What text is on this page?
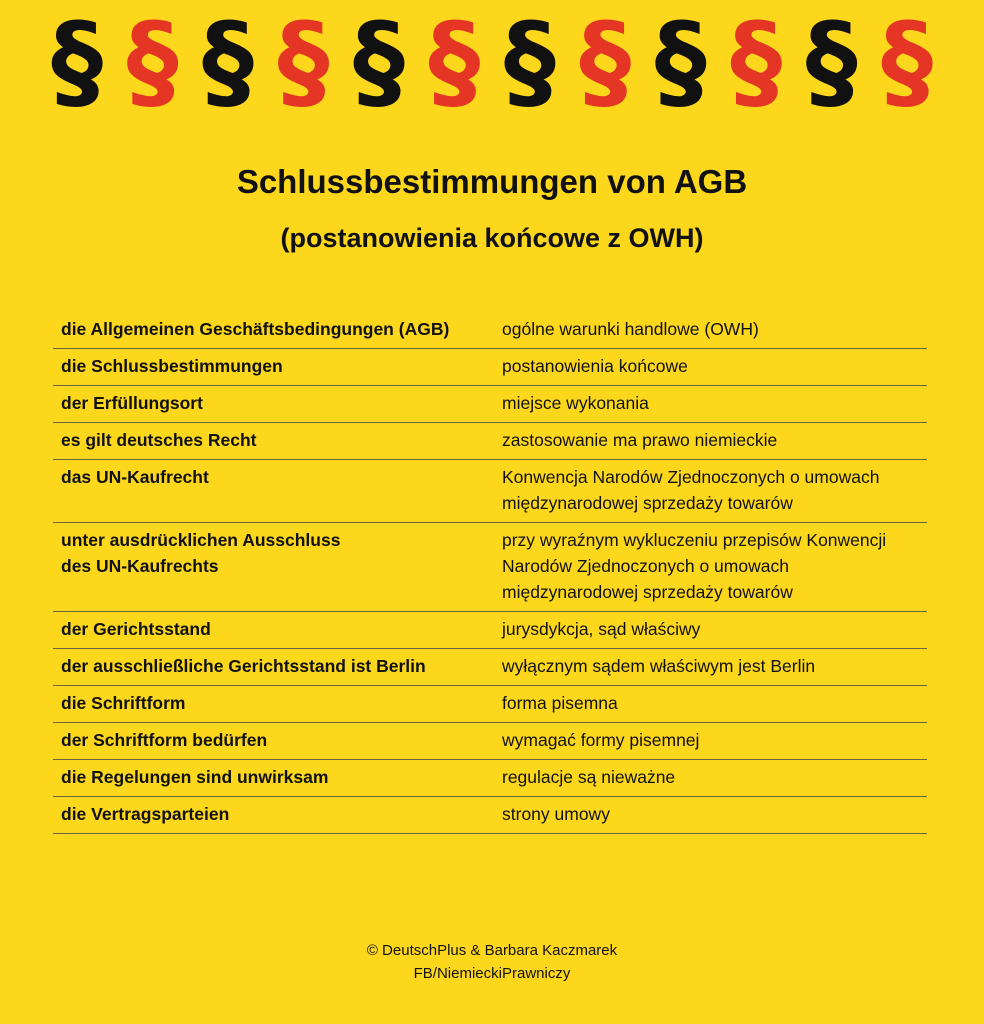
§ § § § § § § § § § § §
Schlussbestimmungen von AGB
(postanowienia końcowe z OWH)
die Allgemeinen Geschäftsbedingungen (AGB)	ogólne warunki handlowe (OWH)
die Schlussbestimmungen	postanowienia końcowe
der Erfüllungsort	miejsce wykonania
es gilt deutsches Recht	zastosowanie ma prawo niemieckie
das UN-Kaufrecht	Konwencja Narodów Zjednoczonych o umowach międzynarodowej sprzedaży towarów
unter ausdrücklichen Ausschluss
des UN-Kaufrechts	przy wyraźnym wykluczeniu przepisów Konwencji Narodów Zjednoczonych o umowach międzynarodowej sprzedaży towarów
der Gerichtsstand	jurysdykcja, sąd właściwy
der ausschließliche Gerichtsstand ist Berlin	wyłącznym sądem właściwym jest Berlin
die Schriftform	forma pisemna
der Schriftform bedürfen	wymagać formy pisemnej
die Regelungen sind unwirksam	regulacje są nieważne
die Vertragsparteien	strony umowy
© DeutschPlus & Barbara Kaczmarek
FB/NiemieckiPrawniczy
